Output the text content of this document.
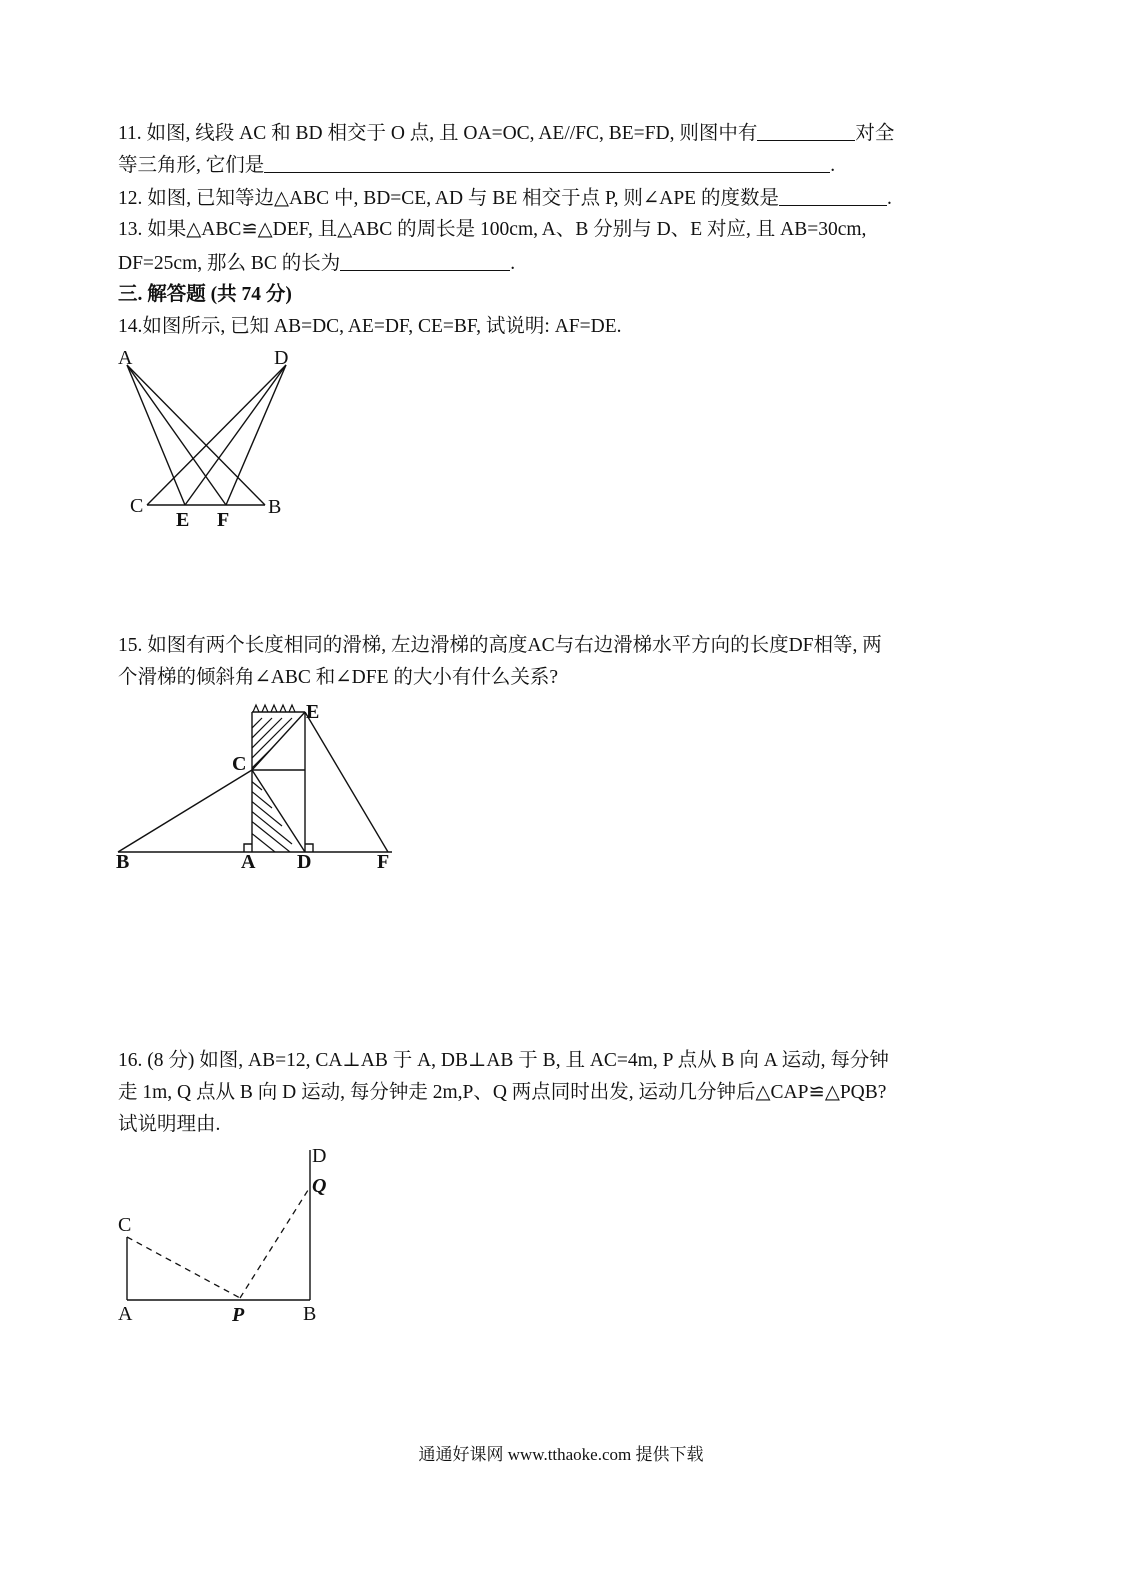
11. 如图, 线段 AC 和 BD 相交于 O 点, 且 OA=OC, AE//FC, BE=FD, 则图中有	对全
等三角形, 它们是	.
12. 如图, 已知等边△ABC 中, BD=CE, AD 与 BE 相交于点 P, 则∠APE 的度数是	.
13. 如果△ABC≌△DEF, 且△ABC 的周长是 100cm, A、B 分别与 D、E 对应, 且 AB=30cm,
DF=25cm, 那么 BC 的长为	.
三. 解答题 (共 74 分)
14.如图所示, 已知 AB=DC, AE=DF, CE=BF, 试说明: AF=DE.
A	D
C
E F
B
15. 如图有两个长度相同的滑梯, 左边滑梯的高度AC与右边滑梯水平方向的长度DF相等, 两
个滑梯的倾斜角∠ABC 和∠DFE 的大小有什么关系?
E
C
B	A D	F
16. (8 分) 如图, AB=12, CA⊥AB 于 A, DB⊥AB 于 B, 且 AC=4m, P 点从 B 向 A 运动, 每分钟
走 1m, Q 点从 B 向 D 运动, 每分钟走 2m,P、Q 两点同时出发, 运动几分钟后△CAP≌△PQB?
试说明理由.
D
Q
C
A	P	B
通通好课网 www.tthaoke.com 提供下载
